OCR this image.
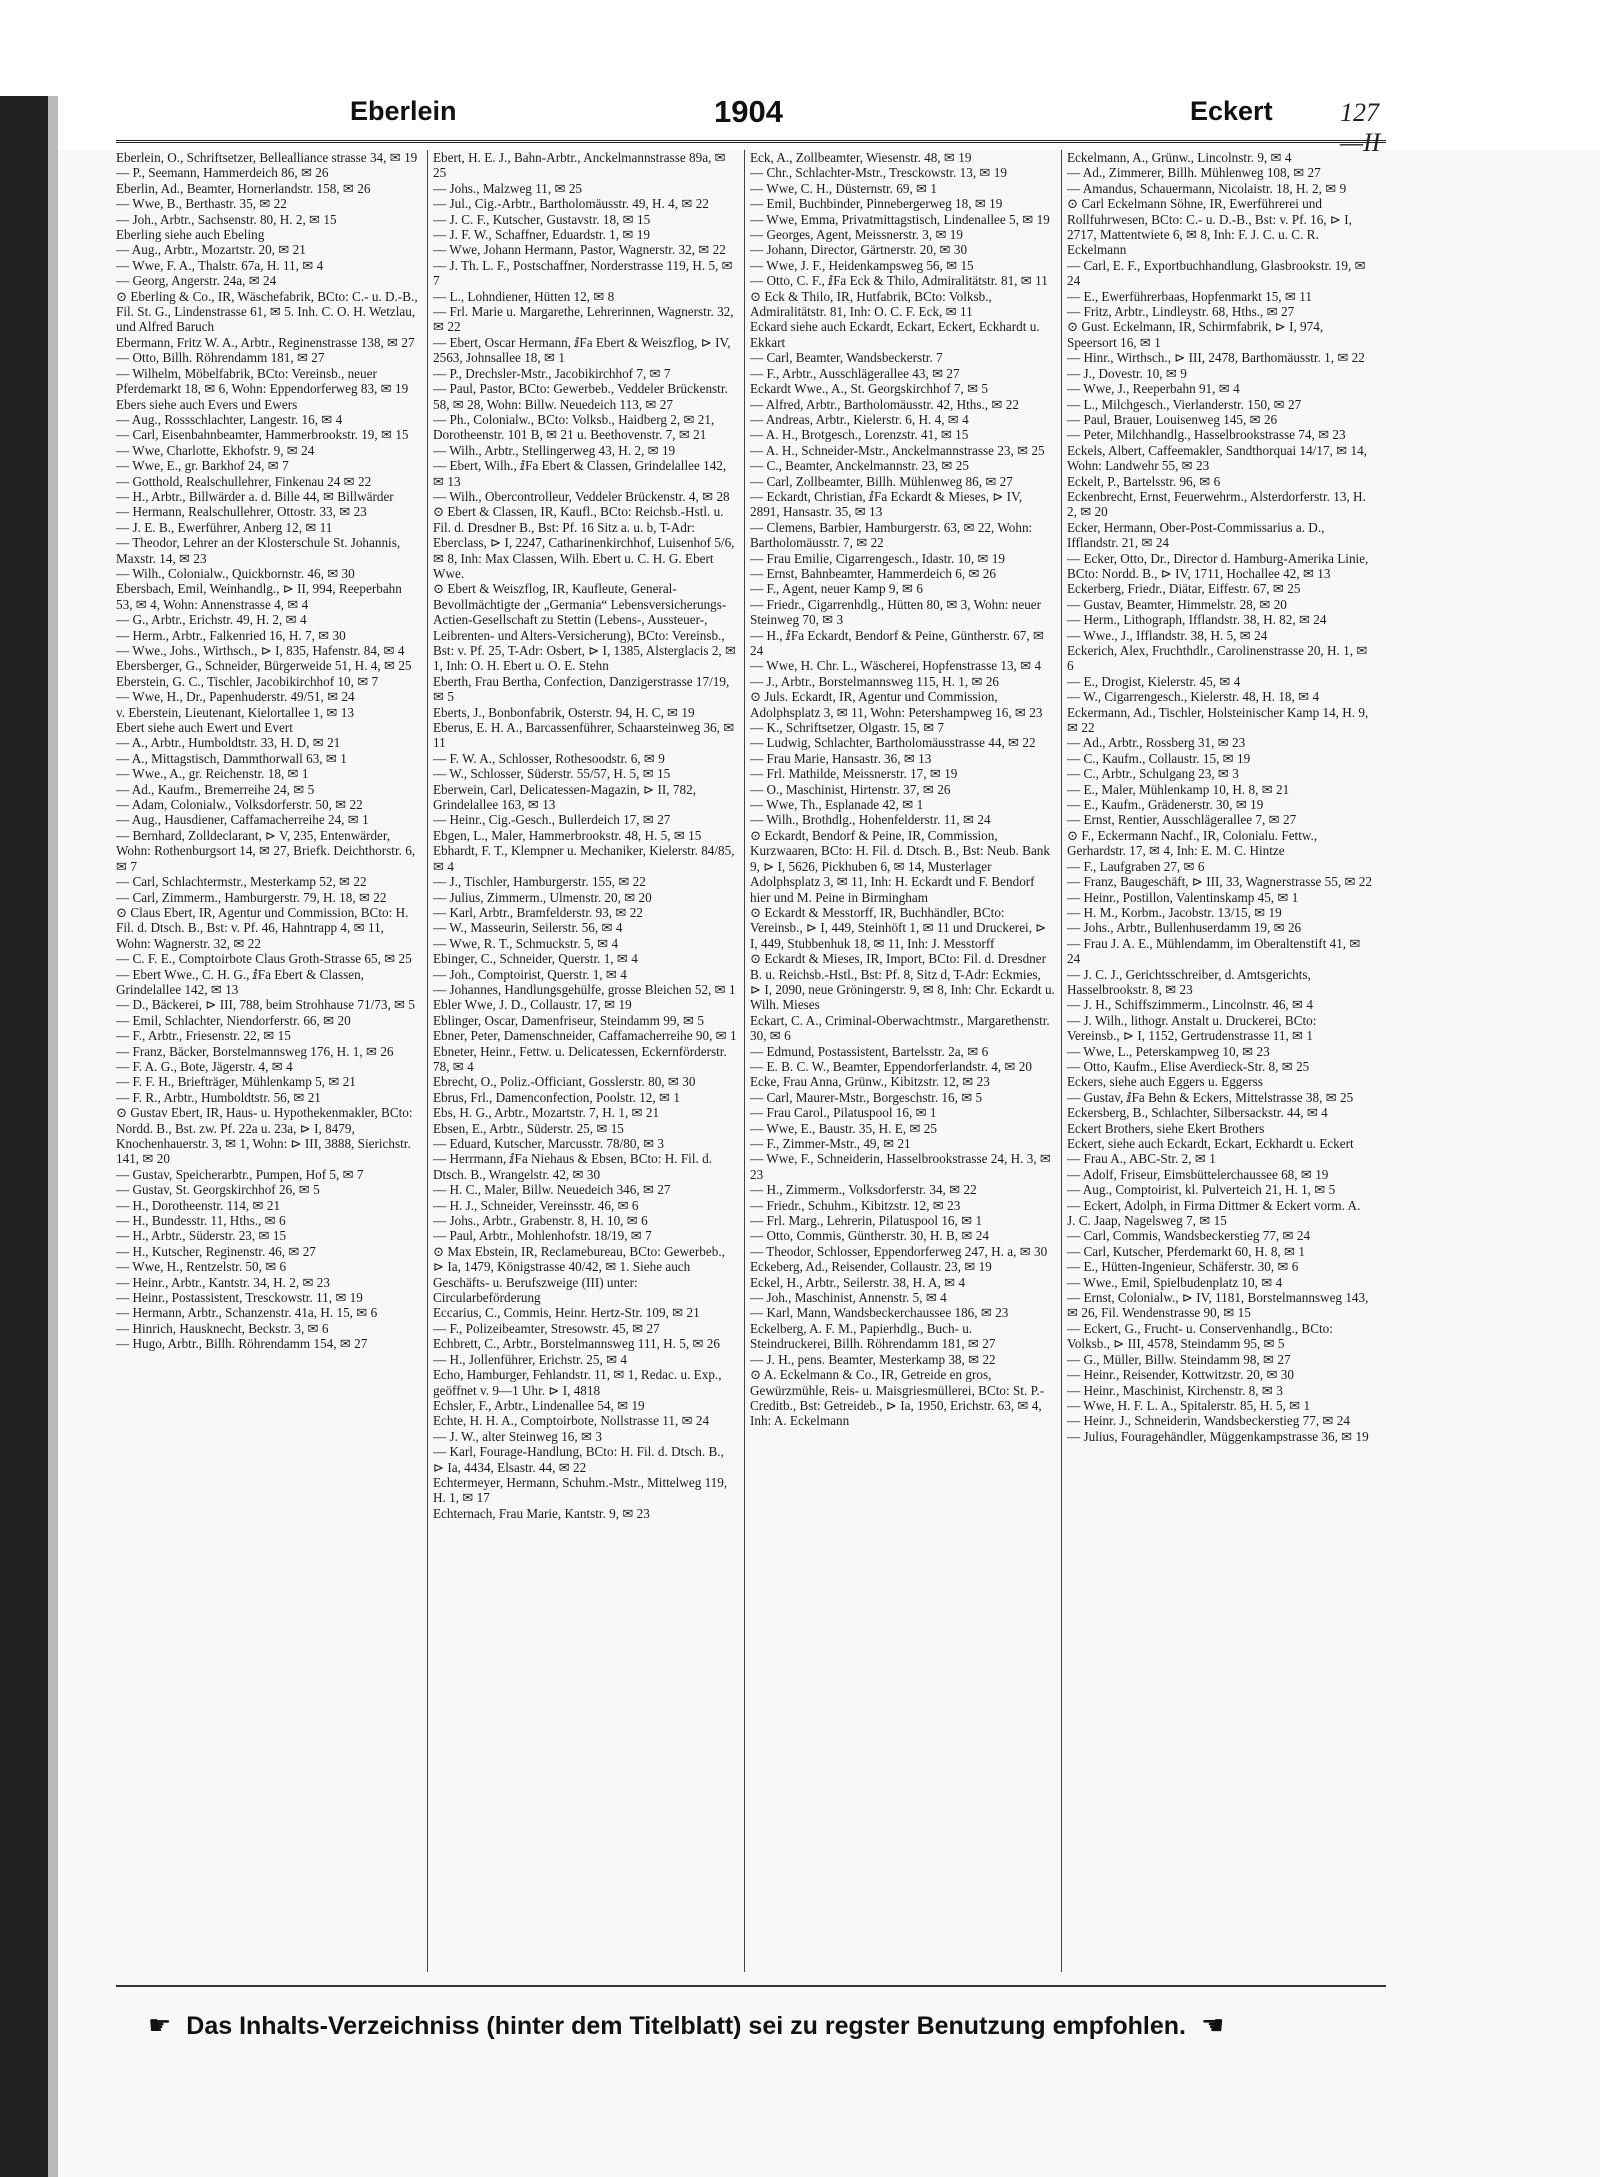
Eberlein	1904	Eckert	127—II
Eberlein, O., Schriftsetzer, Bellealliance strasse 34, ✉ 19
— P., Seemann, Hammerdeich 86, ✉ 26
Eberlin, Ad., Beamter, Hornerlandstr. 158, ✉ 26
— Wwe, B., Berthastr. 35, ✉ 22
— Joh., Arbtr., Sachsenstr. 80, H. 2, ✉ 15
Eberling siehe auch Ebeling
— Aug., Arbtr., Mozartstr. 20, ✉ 21
— Wwe, F. A., Thalstr. 67a, H. 11, ✉ 4
— Georg, Angerstr. 24a, ✉ 24
⊙ Eberling & Co., IR, Wäschefabrik, BCto: C.- u. D.-B., Fil. St. G., Lindenstrasse 61, ✉ 5. Inh. C. O. H. Wetzlau, und Alfred Baruch
Ebermann, Fritz W. A., Arbtr., Reginenstrasse 138, ✉ 27
— Otto, Billh. Röhrendamm 181, ✉ 27
— Wilhelm, Möbelfabrik, BCto: Vereinsb., neuer Pferdemarkt 18, ✉ 6, Wohn: Eppendorferweg 83, ✉ 19
Ebers siehe auch Evers und Ewers
— Aug., Rossschlachter, Langestr. 16, ✉ 4
— Carl, Eisenbahnbeamter, Hammerbrookstr. 19, ✉ 15
— Wwe, Charlotte, Ekhofstr. 9, ✉ 24
— Wwe, E., gr. Barkhof 24, ✉ 7
— Gotthold, Realschullehrer, Finkenau 24 ✉ 22
— H., Arbtr., Billwärder a. d. Bille 44, ✉ Billwärder
— Hermann, Realschullehrer, Ottostr. 33, ✉ 23
— J. E. B., Ewerführer, Anberg 12, ✉ 11
— Theodor, Lehrer an der Klosterschule St. Johannis, Maxstr. 14, ✉ 23
— Wilh., Colonialw., Quickbornstr. 46, ✉ 30
Ebersbach, Emil, Weinhandlg., ⊳ II, 994, Reeperbahn 53, ✉ 4, Wohn: Annenstrasse 4, ✉ 4
— G., Arbtr., Erichstr. 49, H. 2, ✉ 4
— Herm., Arbtr., Falkenried 16, H. 7, ✉ 30
— Wwe., Johs., Wirthsch., ⊳ I, 835, Hafenstr. 84, ✉ 4
Ebersberger, G., Schneider, Bürgerweide 51, H. 4, ✉ 25
Eberstein, G. C., Tischler, Jacobikirchhof 10, ✉ 7
— Wwe, H., Dr., Papenhuderstr. 49/51, ✉ 24
v. Eberstein, Lieutenant, Kielortallee 1, ✉ 13
Ebert siehe auch Ewert und Evert
— A., Arbtr., Humboldtstr. 33, H. D, ✉ 21
— A., Mittagstisch, Dammthorwall 63, ✉ 1
— Wwe., A., gr. Reichenstr. 18, ✉ 1
— Ad., Kaufm., Bremerreihe 24, ✉ 5
— Adam, Colonialw., Volksdorferstr. 50, ✉ 22
— Aug., Hausdiener, Caffamacherreihe 24, ✉ 1
— Bernhard, Zolldeclarant, ⊳ V, 235, Entenwärder, Wohn: Rothenburgsort 14, ✉ 27, Briefk. Deichthorstr. 6, ✉ 7
— Carl, Schlachtermstr., Mesterkamp 52, ✉ 22
— Carl, Zimmerm., Hamburgerstr. 79, H. 18, ✉ 22
⊙ Claus Ebert, IR, Agentur und Commission, BCto: H. Fil. d. Dtsch. B., Bst: v. Pf. 46, Hahntrapp 4, ✉ 11, Wohn: Wagnerstr. 32, ✉ 22
— C. F. E., Comptoirbote Claus Groth-Strasse 65, ✉ 25
— Ebert Wwe., C. H. G., ⅈFa Ebert & Classen, Grindelallee 142, ✉ 13
— D., Bäckerei, ⊳ III, 788, beim Strohhause 71/73, ✉ 5
— Emil, Schlachter, Niendorferstr. 66, ✉ 20
— F., Arbtr., Friesenstr. 22, ✉ 15
— Franz, Bäcker, Borstelmannsweg 176, H. 1, ✉ 26
— F. A. G., Bote, Jägerstr. 4, ✉ 4
— F. F. H., Briefträger, Mühlenkamp 5, ✉ 21
— F. R., Arbtr., Humboldtstr. 56, ✉ 21
⊙ Gustav Ebert, IR, Haus- u. Hypothekenmakler, BCto: Nordd. B., Bst. zw. Pf. 22a u. 23a, ⊳ I, 8479, Knochenhauerstr. 3, ✉ 1, Wohn: ⊳ III, 3888, Sierichstr. 141, ✉ 20
— Gustav, Speicherarbtr., Pumpen, Hof 5, ✉ 7
— Gustav, St. Georgskirchhof 26, ✉ 5
— H., Dorotheenstr. 114, ✉ 21
— H., Bundesstr. 11, Hths., ✉ 6
— H., Arbtr., Süderstr. 23, ✉ 15
— H., Kutscher, Reginenstr. 46, ✉ 27
— Wwe, H., Rentzelstr. 50, ✉ 6
— Heinr., Arbtr., Kantstr. 34, H. 2, ✉ 23
— Heinr., Postassistent, Tresckowstr. 11, ✉ 19
— Hermann, Arbtr., Schanzenstr. 41a, H. 15, ✉ 6
— Hinrich, Hausknecht, Beckstr. 3, ✉ 6
— Hugo, Arbtr., Billh. Röhrendamm 154, ✉ 27
Ebert, H. E. J., Bahn-Arbtr., Anckelmannstrasse 89a, ✉ 25
— Johs., Malzweg 11, ✉ 25
— Jul., Cig.-Arbtr., Bartholomäusstr. 49, H. 4, ✉ 22
— J. C. F., Kutscher, Gustavstr. 18, ✉ 15
— J. F. W., Schaffner, Eduardstr. 1, ✉ 19
— Wwe, Johann Hermann, Pastor, Wagnerstr. 32, ✉ 22
— J. Th. L. F., Postschaffner, Norderstrasse 119, H. 5, ✉ 7
— L., Lohndiener, Hütten 12, ✉ 8
— Frl. Marie u. Margarethe, Lehrerinnen, Wagnerstr. 32, ✉ 22
— Ebert, Oscar Hermann, ⅈFa Ebert & Weiszflog, ⊳ IV, 2563, Johnsallee 18, ✉ 1
— P., Drechsler-Mstr., Jacobikirchhof 7, ✉ 7
— Paul, Pastor, BCto: Gewerbeb., Veddeler Brückenstr. 58, ✉ 28, Wohn: Billw. Neuedeich 113, ✉ 27
— Ph., Colonialw., BCto: Volksb., Haidberg 2, ✉ 21, Dorotheenstr. 101 B, ✉ 21 u. Beethovenstr. 7, ✉ 21
— Wilh., Arbtr., Stellingerweg 43, H. 2, ✉ 19
— Ebert, Wilh., ⅈFa Ebert & Classen, Grindelallee 142, ✉ 13
— Wilh., Obercontrolleur, Veddeler Brückenstr. 4, ✉ 28
⊙ Ebert & Classen, IR, Kaufl., BCto: Reichsb.-Hstl. u. Fil. d. Dresdner B., Bst: Pf. 16 Sitz a. u. b, T-Adr: Eberclass, ⊳ I, 2247, Catharinenkirchhof, Luisenhof 5/6, ✉ 8, Inh: Max Classen, Wilh. Ebert u. C. H. G. Ebert Wwe.
⊙ Ebert & Weiszflog, IR, Kaufleute, General-Bevollmächtigte der „Germania“ Lebensversicherungs-Actien-Gesellschaft zu Stettin (Lebens-, Aussteuer-, Leibrenten- und Alters-Versicherung), BCto: Vereinsb., Bst: v. Pf. 25, T-Adr: Osbert, ⊳ I, 1385, Alsterglacis 2, ✉ 1, Inh: O. H. Ebert u. O. E. Stehn
Eberth, Frau Bertha, Confection, Danzigerstrasse 17/19, ✉ 5
Eberts, J., Bonbonfabrik, Osterstr. 94, H. C, ✉ 19
Eberus, E. H. A., Barcassenführer, Schaarsteinweg 36, ✉ 11
— F. W. A., Schlosser, Rothesoodstr. 6, ✉ 9
— W., Schlosser, Süderstr. 55/57, H. 5, ✉ 15
Eberwein, Carl, Delicatessen-Magazin, ⊳ II, 782, Grindelallee 163, ✉ 13
— Heinr., Cig.-Gesch., Bullerdeich 17, ✉ 27
Ebgen, L., Maler, Hammerbrookstr. 48, H. 5, ✉ 15
Ebhardt, F. T., Klempner u. Mechaniker, Kielerstr. 84/85, ✉ 4
— J., Tischler, Hamburgerstr. 155, ✉ 22
— Julius, Zimmerm., Ulmenstr. 20, ✉ 20
— Karl, Arbtr., Bramfelderstr. 93, ✉ 22
— W., Masseurin, Seilerstr. 56, ✉ 4
— Wwe, R. T., Schmuckstr. 5, ✉ 4
Ebinger, C., Schneider, Querstr. 1, ✉ 4
— Joh., Comptoirist, Querstr. 1, ✉ 4
— Johannes, Handlungsgehülfe, grosse Bleichen 52, ✉ 1
Ebler Wwe, J. D., Collaustr. 17, ✉ 19
Eblinger, Oscar, Damenfriseur, Steindamm 99, ✉ 5
Ebner, Peter, Damenschneider, Caffamacherreihe 90, ✉ 1
Ebneter, Heinr., Fettw. u. Delicatessen, Eckernförderstr. 78, ✉ 4
Ebrecht, O., Poliz.-Officiant, Gosslerstr. 80, ✉ 30
Ebrus, Frl., Damenconfection, Poolstr. 12, ✉ 1
Ebs, H. G., Arbtr., Mozartstr. 7, H. 1, ✉ 21
Ebsen, E., Arbtr., Süderstr. 25, ✉ 15
— Eduard, Kutscher, Marcusstr. 78/80, ✉ 3
— Herrmann, ⅈFa Niehaus & Ebsen, BCto: H. Fil. d. Dtsch. B., Wrangelstr. 42, ✉ 30
— H. C., Maler, Billw. Neuedeich 346, ✉ 27
— H. J., Schneider, Vereinsstr. 46, ✉ 6
— Johs., Arbtr., Grabenstr. 8, H. 10, ✉ 6
— Paul, Arbtr., Mohlenhofstr. 18/19, ✉ 7
⊙ Max Ebstein, IR, Reclamebureau, BCto: Gewerbeb., ⊳ Ia, 1479, Königstrasse 40/42, ✉ 1. Siehe auch Geschäfts- u. Berufszweige (III) unter: Circularbeförderung
Eccarius, C., Commis, Heinr. Hertz-Str. 109, ✉ 21
— F., Polizeibeamter, Stresowstr. 45, ✉ 27
Echbrett, C., Arbtr., Borstelmannsweg 111, H. 5, ✉ 26
— H., Jollenführer, Erichstr. 25, ✉ 4
Echo, Hamburger, Fehlandstr. 11, ✉ 1, Redac. u. Exp., geöffnet v. 9—1 Uhr. ⊳ I, 4818
Echsler, F., Arbtr., Lindenallee 54, ✉ 19
Echte, H. H. A., Comptoirbote, Nollstrasse 11, ✉ 24
— J. W., alter Steinweg 16, ✉ 3
— Karl, Fourage-Handlung, BCto: H. Fil. d. Dtsch. B., ⊳ Ia, 4434, Elsastr. 44, ✉ 22
Echtermeyer, Hermann, Schuhm.-Mstr., Mittelweg 119, H. 1, ✉ 17
Echternach, Frau Marie, Kantstr. 9, ✉ 23
Eck, A., Zollbeamter, Wiesenstr. 48, ✉ 19
— Chr., Schlachter-Mstr., Tresckowstr. 13, ✉ 19
— Wwe, C. H., Düsternstr. 69, ✉ 1
— Emil, Buchbinder, Pinnebergerweg 18, ✉ 19
— Wwe, Emma, Privatmittagstisch, Lindenallee 5, ✉ 19
— Georges, Agent, Meissnerstr. 3, ✉ 19
— Johann, Director, Gärtnerstr. 20, ✉ 30
— Wwe, J. F., Heidenkampsweg 56, ✉ 15
— Otto, C. F., ⅈFa Eck & Thilo, Admiralitätstr. 81, ✉ 11
⊙ Eck & Thilo, IR, Hutfabrik, BCto: Volksb., Admiralitätstr. 81, Inh: O. C. F. Eck, ✉ 11
Eckard siehe auch Eckardt, Eckart, Eckert, Eckhardt u. Ekkart
— Carl, Beamter, Wandsbeckerstr. 7
— F., Arbtr., Ausschlägerallee 43, ✉ 27
Eckardt Wwe., A., St. Georgskirchhof 7, ✉ 5
— Alfred, Arbtr., Bartholomäusstr. 42, Hths., ✉ 22
— Andreas, Arbtr., Kielerstr. 6, H. 4, ✉ 4
— A. H., Brotgesch., Lorenzstr. 41, ✉ 15
— A. H., Schneider-Mstr., Anckelmannstrasse 23, ✉ 25
— C., Beamter, Anckelmannstr. 23, ✉ 25
— Carl, Zollbeamter, Billh. Mühlenweg 86, ✉ 27
— Eckardt, Christian, ⅈFa Eckardt & Mieses, ⊳ IV, 2891, Hansastr. 35, ✉ 13
— Clemens, Barbier, Hamburgerstr. 63, ✉ 22, Wohn: Bartholomäusstr. 7, ✉ 22
— Frau Emilie, Cigarrengesch., Idastr. 10, ✉ 19
— Ernst, Bahnbeamter, Hammerdeich 6, ✉ 26
— F., Agent, neuer Kamp 9, ✉ 6
— Friedr., Cigarrenhdlg., Hütten 80, ✉ 3, Wohn: neuer Steinweg 70, ✉ 3
— H., ⅈFa Eckardt, Bendorf & Peine, Güntherstr. 67, ✉ 24
— Wwe, H. Chr. L., Wäscherei, Hopfenstrasse 13, ✉ 4
— J., Arbtr., Borstelmannsweg 115, H. 1, ✉ 26
⊙ Juls. Eckardt, IR, Agentur und Commission, Adolphsplatz 3, ✉ 11, Wohn: Petershampweg 16, ✉ 23
— K., Schriftsetzer, Olgastr. 15, ✉ 7
— Ludwig, Schlachter, Bartholomäusstrasse 44, ✉ 22
— Frau Marie, Hansastr. 36, ✉ 13
— Frl. Mathilde, Meissnerstr. 17, ✉ 19
— O., Maschinist, Hirtenstr. 37, ✉ 26
— Wwe, Th., Esplanade 42, ✉ 1
— Wilh., Brothdlg., Hohenfelderstr. 11, ✉ 24
⊙ Eckardt, Bendorf & Peine, IR, Commission, Kurzwaaren, BCto: H. Fil. d. Dtsch. B., Bst: Neub. Bank 9, ⊳ I, 5626, Pickhuben 6, ✉ 14, Musterlager Adolphsplatz 3, ✉ 11, Inh: H. Eckardt und F. Bendorf hier und M. Peine in Birmingham
⊙ Eckardt & Messtorff, IR, Buchhändler, BCto: Vereinsb., ⊳ I, 449, Steinhöft 1, ✉ 11 und Druckerei, ⊳ I, 449, Stubbenhuk 18, ✉ 11, Inh: J. Messtorff
⊙ Eckardt & Mieses, IR, Import, BCto: Fil. d. Dresdner B. u. Reichsb.-Hstl., Bst: Pf. 8, Sitz d, T-Adr: Eckmies, ⊳ I, 2090, neue Gröningerstr. 9, ✉ 8, Inh: Chr. Eckardt u. Wilh. Mieses
Eckart, C. A., Criminal-Oberwachtmstr., Margarethenstr. 30, ✉ 6
— Edmund, Postassistent, Bartelsstr. 2a, ✉ 6
— E. B. C. W., Beamter, Eppendorferlandstr. 4, ✉ 20
Ecke, Frau Anna, Grünw., Kibitzstr. 12, ✉ 23
— Carl, Maurer-Mstr., Borgeschstr. 16, ✉ 5
— Frau Carol., Pilatuspool 16, ✉ 1
— Wwe, E., Baustr. 35, H. E, ✉ 25
— F., Zimmer-Mstr., 49, ✉ 21
— Wwe, F., Schneiderin, Hasselbrookstrasse 24, H. 3, ✉ 23
— H., Zimmerm., Volksdorferstr. 34, ✉ 22
— Friedr., Schuhm., Kibitzstr. 12, ✉ 23
— Frl. Marg., Lehrerin, Pilatuspool 16, ✉ 1
— Otto, Commis, Güntherstr. 30, H. B, ✉ 24
— Theodor, Schlosser, Eppendorferweg 247, H. a, ✉ 30
Eckeberg, Ad., Reisender, Collaustr. 23, ✉ 19
Eckel, H., Arbtr., Seilerstr. 38, H. A, ✉ 4
— Joh., Maschinist, Annenstr. 5, ✉ 4
— Karl, Mann, Wandsbeckerchaussee 186, ✉ 23
Eckelberg, A. F. M., Papierhdlg., Buch- u. Steindruckerei, Billh. Röhrendamm 181, ✉ 27
— J. H., pens. Beamter, Mesterkamp 38, ✉ 22
⊙ A. Eckelmann & Co., IR, Getreide en gros, Gewürzmühle, Reis- u. Maisgriesmüllerei, BCto: St. P.-Creditb., Bst: Getreideb., ⊳ Ia, 1950, Erichstr. 63, ✉ 4, Inh: A. Eckelmann
Eckelmann, A., Grünw., Lincolnstr. 9, ✉ 4
— Ad., Zimmerer, Billh. Mühlenweg 108, ✉ 27
— Amandus, Schauermann, Nicolaistr. 18, H. 2, ✉ 9
⊙ Carl Eckelmann Söhne, IR, Ewerführerei und Rollfuhrwesen, BCto: C.- u. D.-B., Bst: v. Pf. 16, ⊳ I, 2717, Mattentwiete 6, ✉ 8, Inh: F. J. C. u. C. R. Eckelmann
— Carl, E. F., Exportbuchhandlung, Glasbrookstr. 19, ✉ 24
— E., Ewerführerbaas, Hopfenmarkt 15, ✉ 11
— Fritz, Arbtr., Lindleystr. 68, Hths., ✉ 27
⊙ Gust. Eckelmann, IR, Schirmfabrik, ⊳ I, 974, Speersort 16, ✉ 1
— Hinr., Wirthsch., ⊳ III, 2478, Barthomäusstr. 1, ✉ 22
— J., Dovestr. 10, ✉ 9
— Wwe, J., Reeperbahn 91, ✉ 4
— L., Milchgesch., Vierlanderstr. 150, ✉ 27
— Paul, Brauer, Louisenweg 145, ✉ 26
— Peter, Milchhandlg., Hasselbrookstrasse 74, ✉ 23
Eckels, Albert, Caffeemakler, Sandthorquai 14/17, ✉ 14, Wohn: Landwehr 55, ✉ 23
Eckelt, P., Bartelsstr. 96, ✉ 6
Eckenbrecht, Ernst, Feuerwehrm., Alsterdorferstr. 13, H. 2, ✉ 20
Ecker, Hermann, Ober-Post-Commissarius a. D., Ifflandstr. 21, ✉ 24
— Ecker, Otto, Dr., Director d. Hamburg-Amerika Linie, BCto: Nordd. B., ⊳ IV, 1711, Hochallee 42, ✉ 13
Eckerberg, Friedr., Diätar, Eiffestr. 67, ✉ 25
— Gustav, Beamter, Himmelstr. 28, ✉ 20
— Herm., Lithograph, Ifflandstr. 38, H. 82, ✉ 24
— Wwe., J., Ifflandstr. 38, H. 5, ✉ 24
Eckerich, Alex, Fruchthdlr., Carolinenstrasse 20, H. 1, ✉ 6
— E., Drogist, Kielerstr. 45, ✉ 4
— W., Cigarrengesch., Kielerstr. 48, H. 18, ✉ 4
Eckermann, Ad., Tischler, Holsteinischer Kamp 14, H. 9, ✉ 22
— Ad., Arbtr., Rossberg 31, ✉ 23
— C., Kaufm., Collaustr. 15, ✉ 19
— C., Arbtr., Schulgang 23, ✉ 3
— E., Maler, Mühlenkamp 10, H. 8, ✉ 21
— E., Kaufm., Grädenerstr. 30, ✉ 19
— Ernst, Rentier, Ausschlägerallee 7, ✉ 27
⊙ F., Eckermann Nachf., IR, Colonialu. Fettw., Gerhardstr. 17, ✉ 4, Inh: E. M. C. Hintze
— F., Laufgraben 27, ✉ 6
— Franz, Baugeschäft, ⊳ III, 33, Wagnerstrasse 55, ✉ 22
— Heinr., Postillon, Valentinskamp 45, ✉ 1
— H. M., Korbm., Jacobstr. 13/15, ✉ 19
— Johs., Arbtr., Bullenhuserdamm 19, ✉ 26
— Frau J. A. E., Mühlendamm, im Oberaltenstift 41, ✉ 24
— J. C. J., Gerichtsschreiber, d. Amtsgerichts, Hasselbrookstr. 8, ✉ 23
— J. H., Schiffszimmerm., Lincolnstr. 46, ✉ 4
— J. Wilh., lithogr. Anstalt u. Druckerei, BCto: Vereinsb., ⊳ I, 1152, Gertrudenstrasse 11, ✉ 1
— Wwe, L., Peterskampweg 10, ✉ 23
— Otto, Kaufm., Elise Averdieck-Str. 8, ✉ 25
Eckers, siehe auch Eggers u. Eggerss
— Gustav, ⅈFa Behn & Eckers, Mittelstrasse 38, ✉ 25
Eckersberg, B., Schlachter, Silbersackstr. 44, ✉ 4
Eckert Brothers, siehe Ekert Brothers
Eckert, siehe auch Eckardt, Eckart, Eckhardt u. Eckert
— Frau A., ABC-Str. 2, ✉ 1
— Adolf, Friseur, Eimsbüttelerchaussee 68, ✉ 19
— Aug., Comptoirist, kl. Pulverteich 21, H. 1, ✉ 5
— Eckert, Adolph, in Firma Dittmer & Eckert vorm. A. J. C. Jaap, Nagelsweg 7, ✉ 15
— Carl, Commis, Wandsbeckerstieg 77, ✉ 24
— Carl, Kutscher, Pferdemarkt 60, H. 8, ✉ 1
— E., Hütten-Ingenieur, Schäferstr. 30, ✉ 6
— Wwe., Emil, Spielbudenplatz 10, ✉ 4
— Ernst, Colonialw., ⊳ IV, 1181, Borstelmannsweg 143, ✉ 26, Fil. Wendenstrasse 90, ✉ 15
— Eckert, G., Frucht- u. Conservenhandlg., BCto: Volksb., ⊳ III, 4578, Steindamm 95, ✉ 5
— G., Müller, Billw. Steindamm 98, ✉ 27
— Heinr., Reisender, Kottwitzstr. 20, ✉ 30
— Heinr., Maschinist, Kirchenstr. 8, ✉ 3
— Wwe, H. F. L. A., Spitalerstr. 85, H. 5, ✉ 1
— Heinr. J., Schneiderin, Wandsbeckerstieg 77, ✉ 24
— Julius, Fouragehändler, Müggenkampstrasse 36, ✉ 19
☛ Das Inhalts-Verzeichniss (hinter dem Titelblatt) sei zu regster Benutzung empfohlen. ☚
